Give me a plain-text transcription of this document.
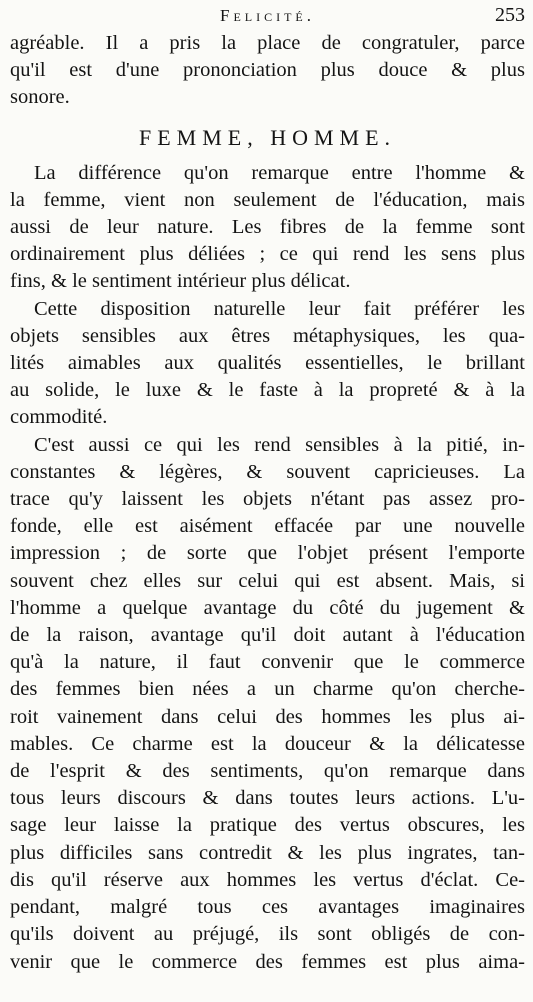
Felicité.	253
agréable. Il a pris la place de congratuler, parce
qu'il est d'une prononciation plus douce & plus
sonore.
FEMME, HOMME.
La différence qu'on remarque entre l'homme &
la femme, vient non seulement de l'éducation, mais
aussi de leur nature. Les fibres de la femme sont
ordinairement plus déliées ; ce qui rend les sens plus
fins, & le sentiment intérieur plus délicat.
Cette disposition naturelle leur fait préférer les
objets sensibles aux êtres métaphysiques, les qua-
lités aimables aux qualités essentielles, le brillant
au solide, le luxe & le faste à la propreté & à la
commodité.
C'est aussi ce qui les rend sensibles à la pitié, in-
constantes & légères, & souvent capricieuses. La
trace qu'y laissent les objets n'étant pas assez pro-
fonde, elle est aisément effacée par une nouvelle
impression ; de sorte que l'objet présent l'emporte
souvent chez elles sur celui qui est absent. Mais, si
l'homme a quelque avantage du côté du jugement &
de la raison, avantage qu'il doit autant à l'éducation
qu'à la nature, il faut convenir que le commerce
des femmes bien nées a un charme qu'on cherche-
roit vainement dans celui des hommes les plus ai-
mables. Ce charme est la douceur & la délicatesse
de l'esprit & des sentiments, qu'on remarque dans
tous leurs discours & dans toutes leurs actions. L'u-
sage leur laisse la pratique des vertus obscures, les
plus difficiles sans contredit & les plus ingrates, tan-
dis qu'il réserve aux hommes les vertus d'éclat. Ce-
pendant, malgré tous ces avantages imaginaires
qu'ils doivent au préjugé, ils sont obligés de con-
venir que le commerce des femmes est plus aima-
